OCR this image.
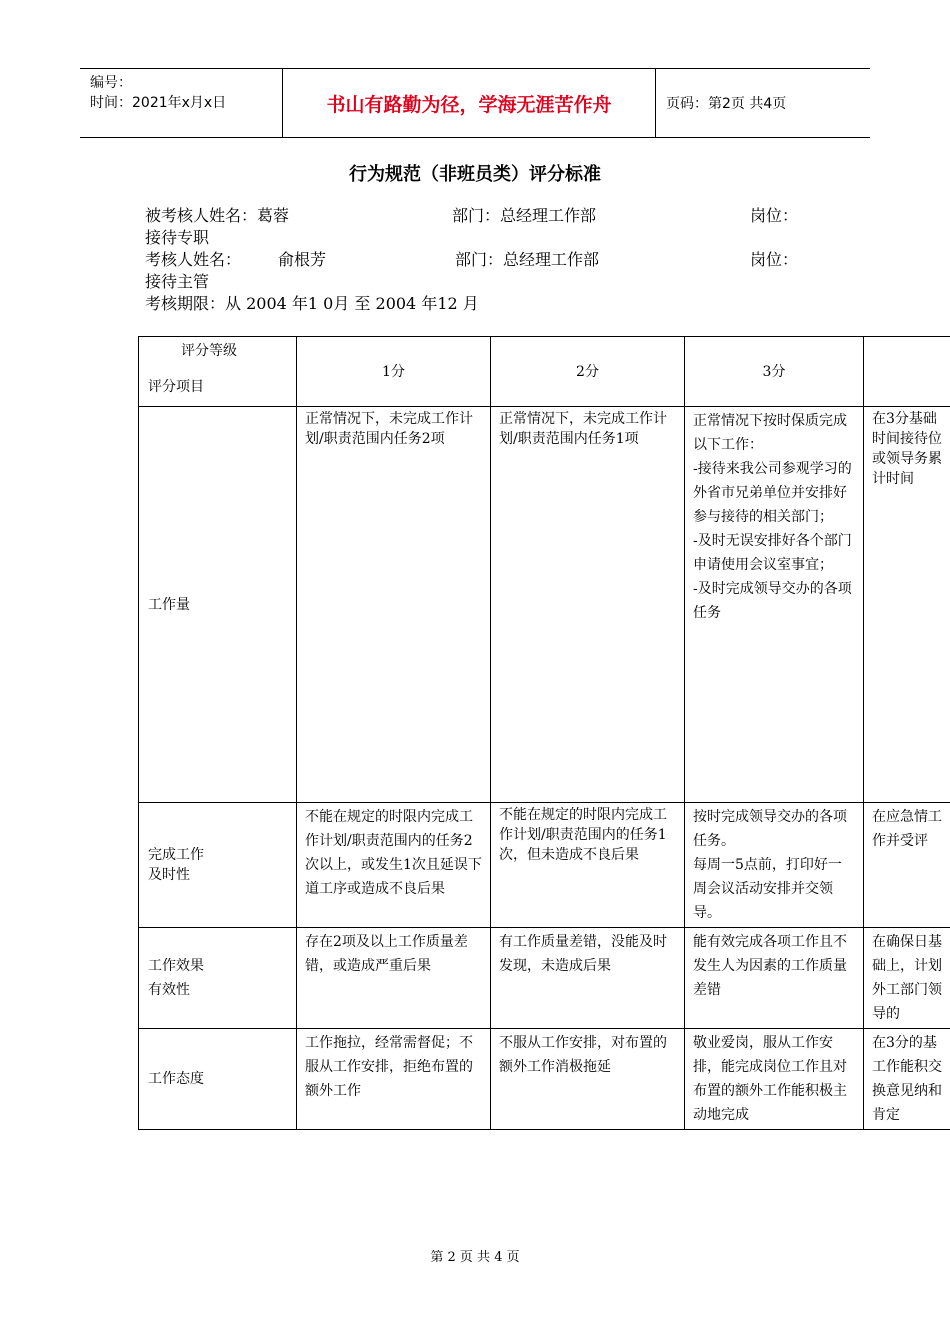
编号：
时间：2021年x月x日	书山有路勤为径，学海无涯苦作舟	页码：第2页 共4页
行为规范（非班员类）评分标准
被考核人姓名：葛蓉	部门：总经理工作部	岗位：
接待专职
考核人姓名： 俞根芳	部门：总经理工作部	岗位：
接待主管
考核期限：从 2004 年1 0月 至 2004 年12 月
评分等级
评分项目	1分	2分	3分	
工作量	正常情况下，未完成工作计划/职责范围内任务2项	正常情况下，未完成工作计划/职责范围内任务1项	正常情况下按时保质完成以下工作：
-接待来我公司参观学习的外省市兄弟单位并安排好参与接待的相关部门；
-及时无误安排好各个部门申请使用会议室事宜；
-及时完成领导交办的各项任务	在3分基础时间接待位或领导务累计时间
完成工作
及时性	不能在规定的时限内完成工作计划/职责范围内的任务2次以上，或发生1次且延误下道工序或造成不良后果	不能在规定的时限内完成工作计划/职责范围内的任务1次，但未造成不良后果	按时完成领导交办的各项任务。
每周一5点前，打印好一周会议活动安排并交领导。	在应急情工作并受评
工作效果
有效性	存在2项及以上工作质量差错，或造成严重后果	有工作质量差错，没能及时发现，未造成后果	能有效完成各项工作且不发生人为因素的工作质量差错	在确保日基础上，计划外工部门领导的
工作态度	工作拖拉，经常需督促；不服从工作安排，拒绝布置的额外工作	不服从工作安排，对布置的额外工作消极拖延	敬业爱岗，服从工作安排，能完成岗位工作且对布置的额外工作能积极主动地完成	在3分的基工作能积交换意见纳和肯定
第 2 页 共 4 页
